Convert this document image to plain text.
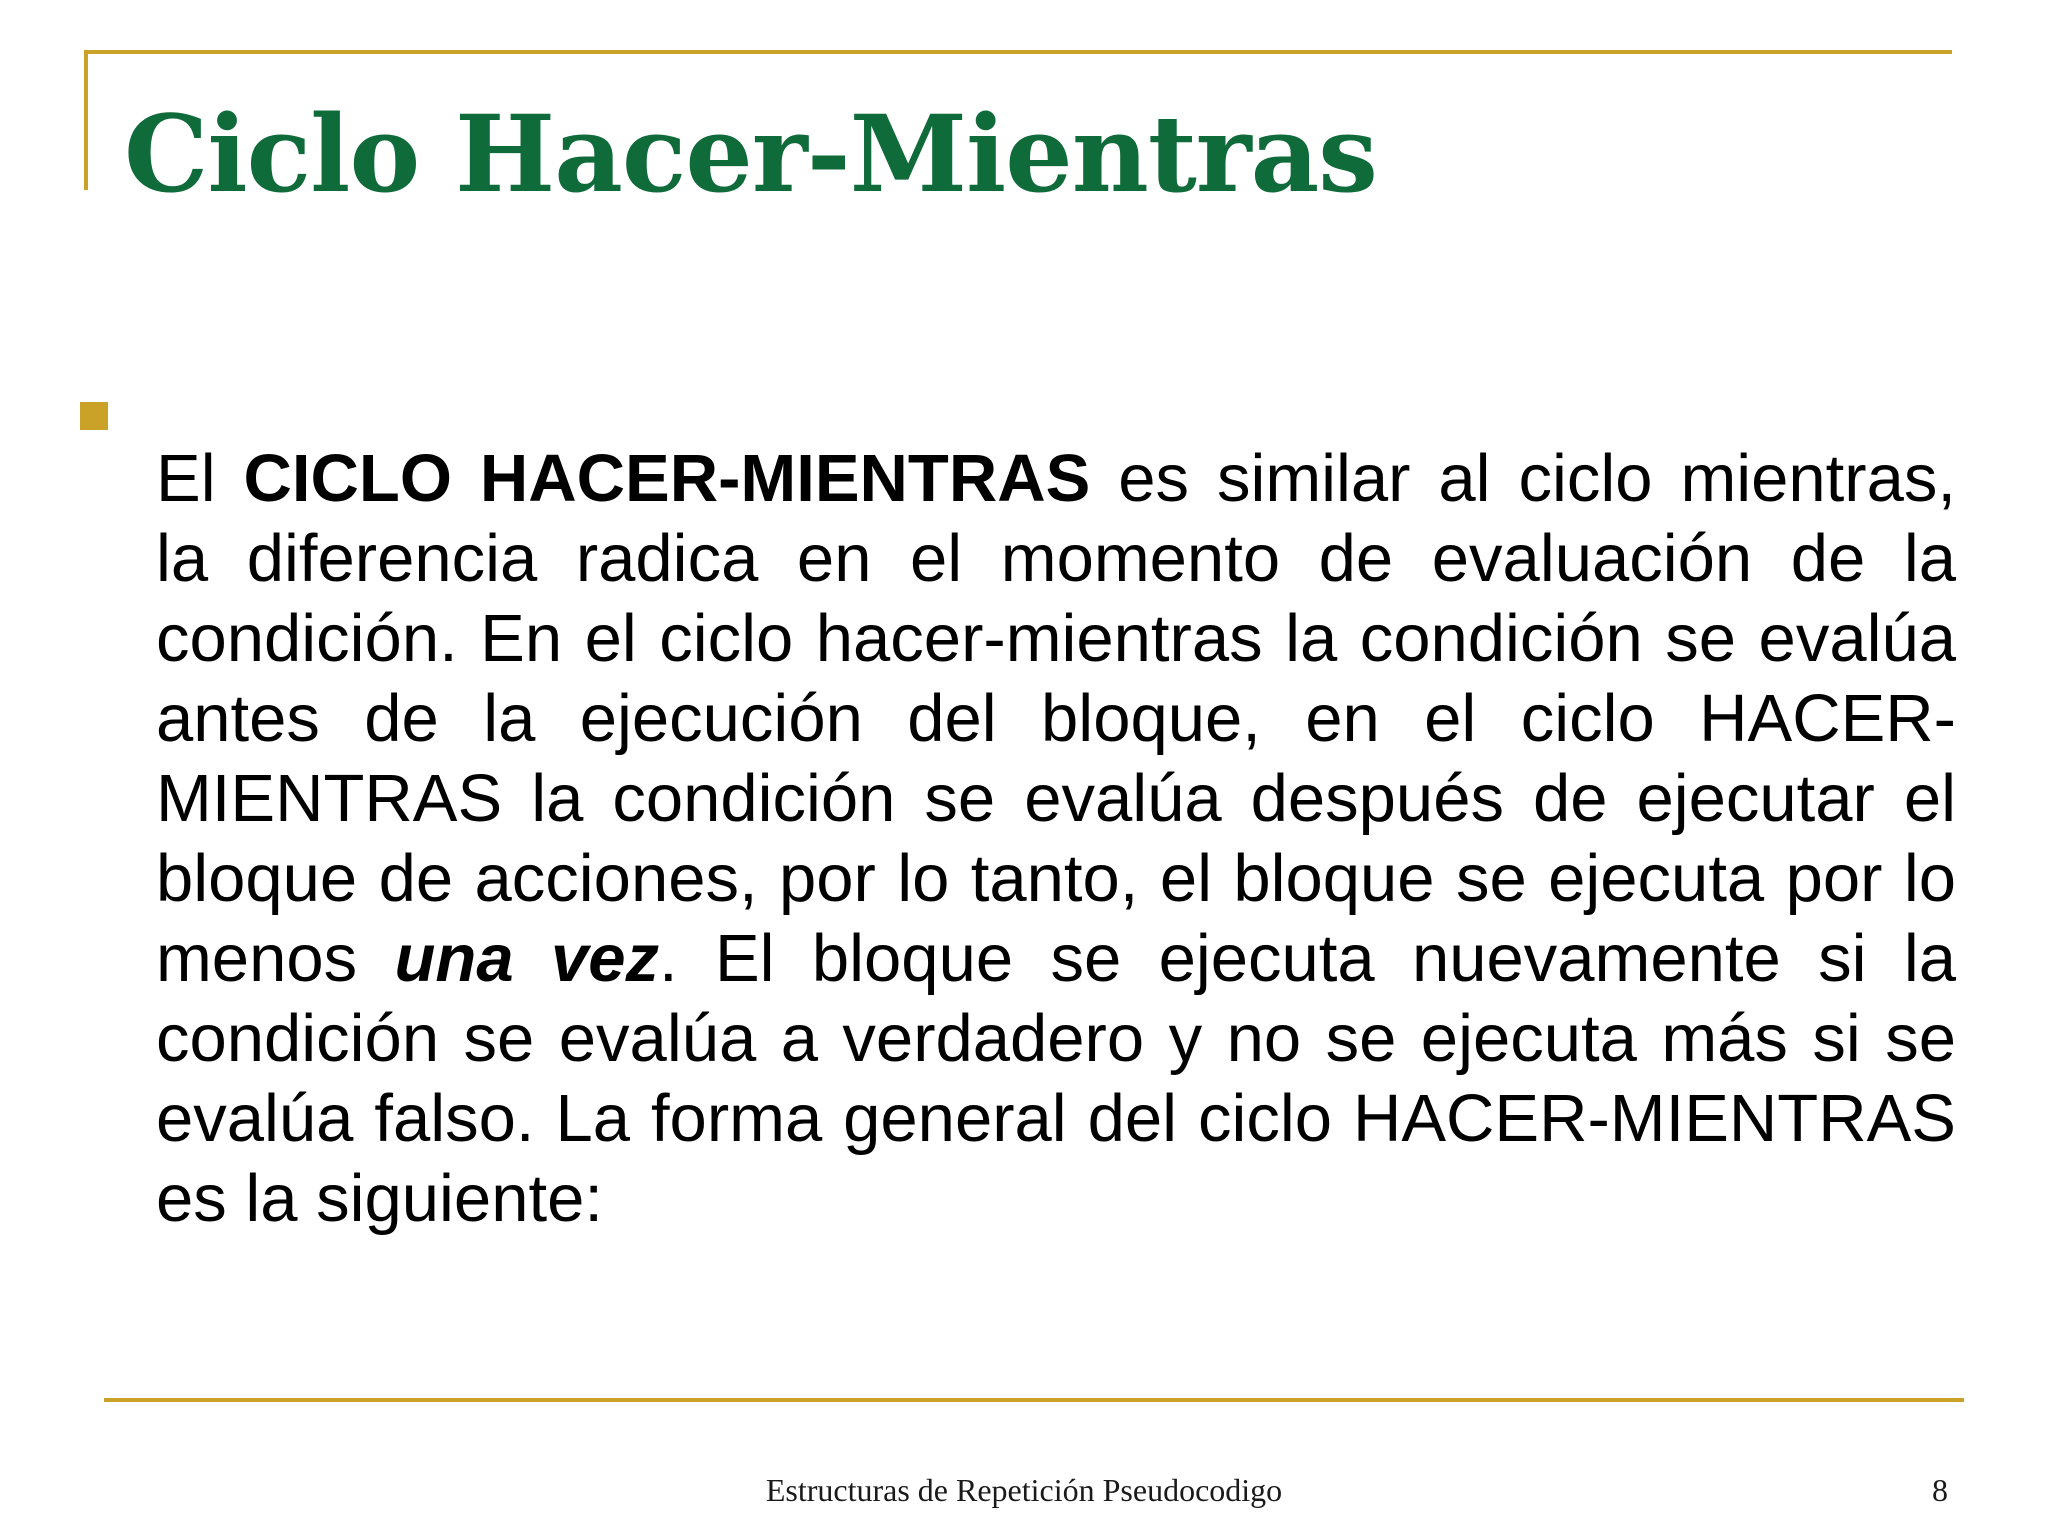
Ciclo Hacer-Mientras

El CICLO HACER-MIENTRAS es similar al ciclo mientras, la diferencia radica en el momento de evaluación de la condición. En el ciclo hacer-mientras la condición se evalúa antes de la ejecución del bloque, en el ciclo HACER-MIENTRAS la condición se evalúa después de ejecutar el bloque de acciones, por lo tanto, el bloque se ejecuta por lo menos una vez. El bloque se ejecuta nuevamente si la condición se evalúa a verdadero y no se ejecuta más si se evalúa falso. La forma general del ciclo HACER-MIENTRAS es la siguiente:

Estructuras de Repetición Pseudocodigo	8
